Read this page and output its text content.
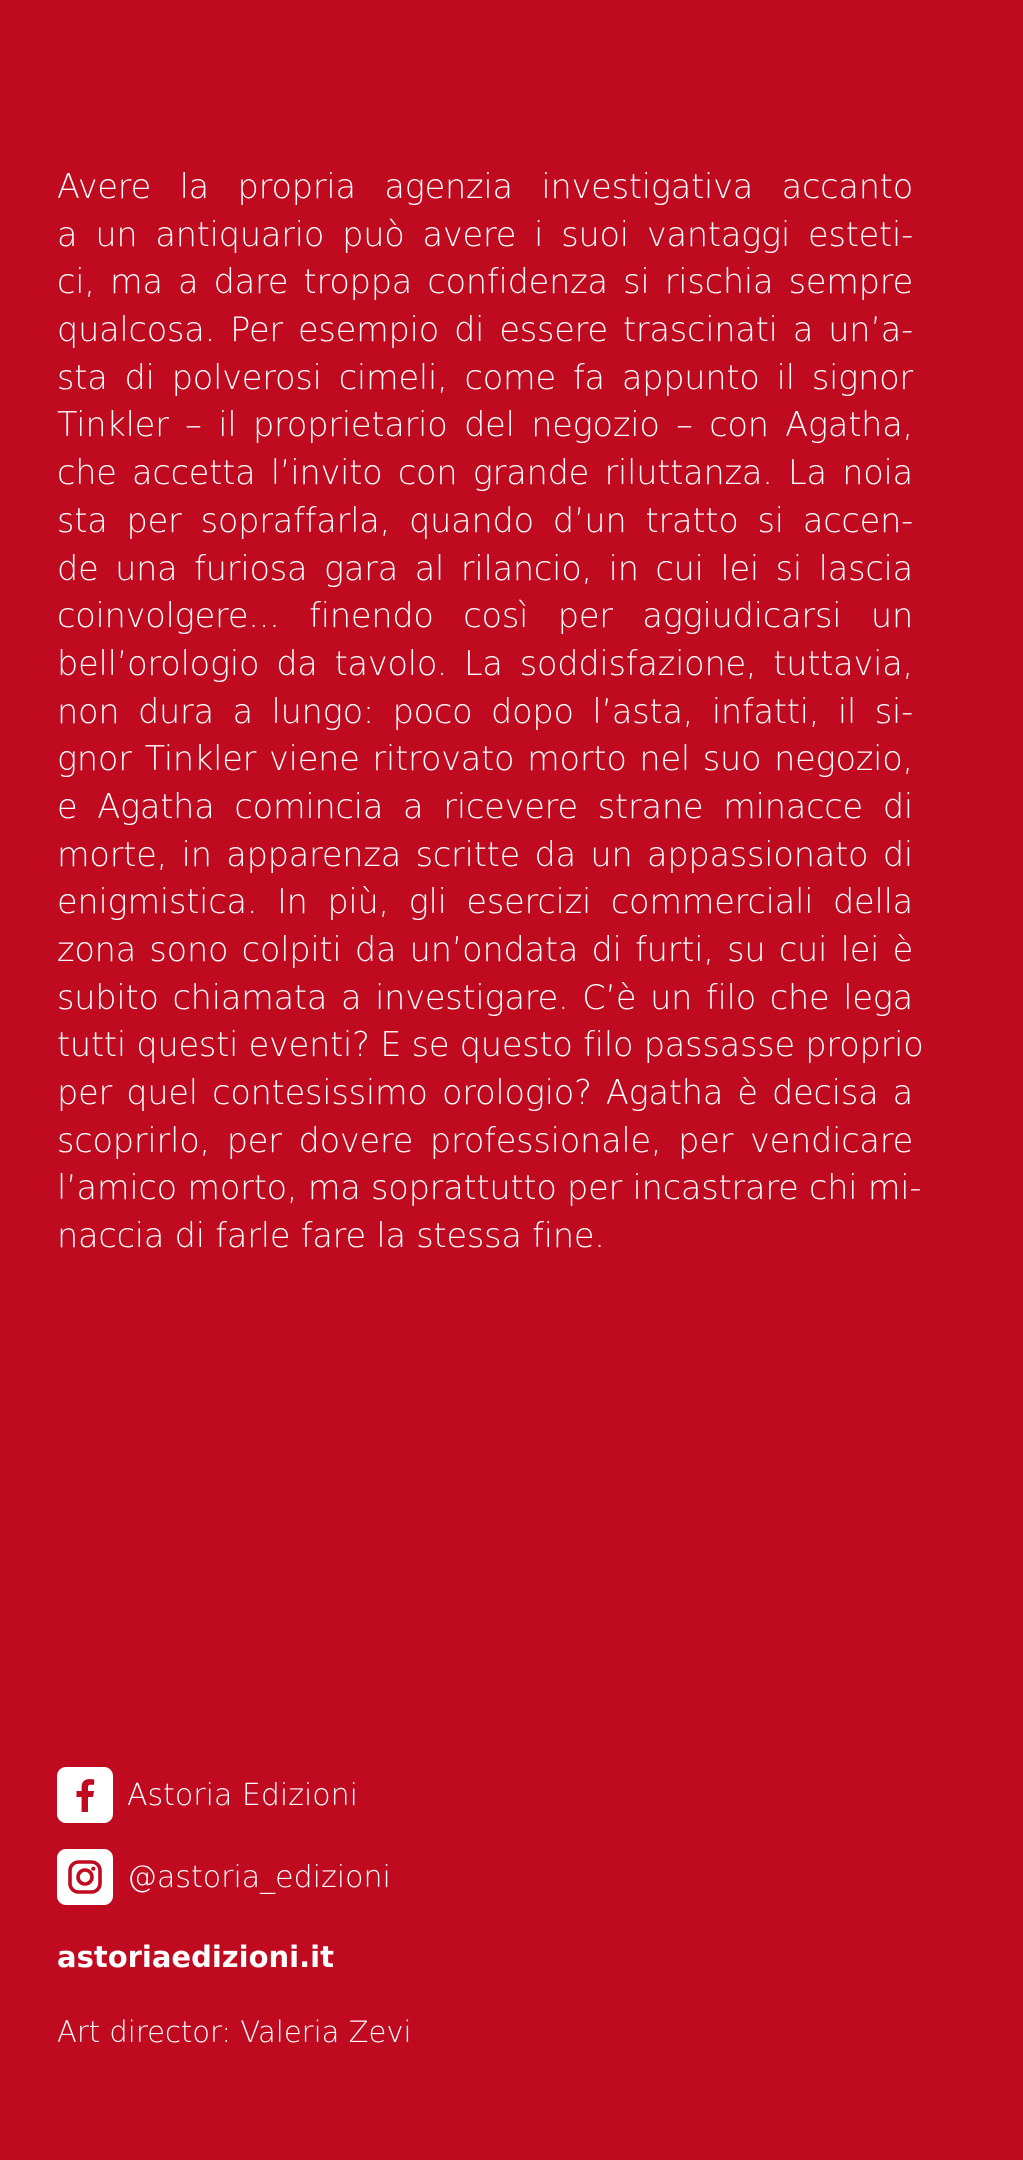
Avere la propria agenzia investigativa accanto
a un antiquario può avere i suoi vantaggi esteti-
ci, ma a dare troppa confidenza si rischia sempre
qualcosa. Per esempio di essere trascinati a un’a-
sta di polverosi cimeli, come fa appunto il signor
Tinkler – il proprietario del negozio – con Agatha,
che accetta l’invito con grande riluttanza. La noia
sta per sopraffarla, quando d’un tratto si accen-
de una furiosa gara al rilancio, in cui lei si lascia
coinvolgere... finendo così per aggiudicarsi un
bell’orologio da tavolo. La soddisfazione, tuttavia,
non dura a lungo: poco dopo l’asta, infatti, il si-
gnor Tinkler viene ritrovato morto nel suo negozio,
e Agatha comincia a ricevere strane minacce di
morte, in apparenza scritte da un appassionato di
enigmistica. In più, gli esercizi commerciali della
zona sono colpiti da un’ondata di furti, su cui lei è
subito chiamata a investigare. C’è un filo che lega
tutti questi eventi? E se questo filo passasse proprio
per quel contesissimo orologio? Agatha è decisa a
scoprirlo, per dovere professionale, per vendicare
l’amico morto, ma soprattutto per incastrare chi mi-
naccia di farle fare la stessa fine.
Astoria Edizioni
@astoria_edizioni
astoriaedizioni.it
Art director: Valeria Zevi
